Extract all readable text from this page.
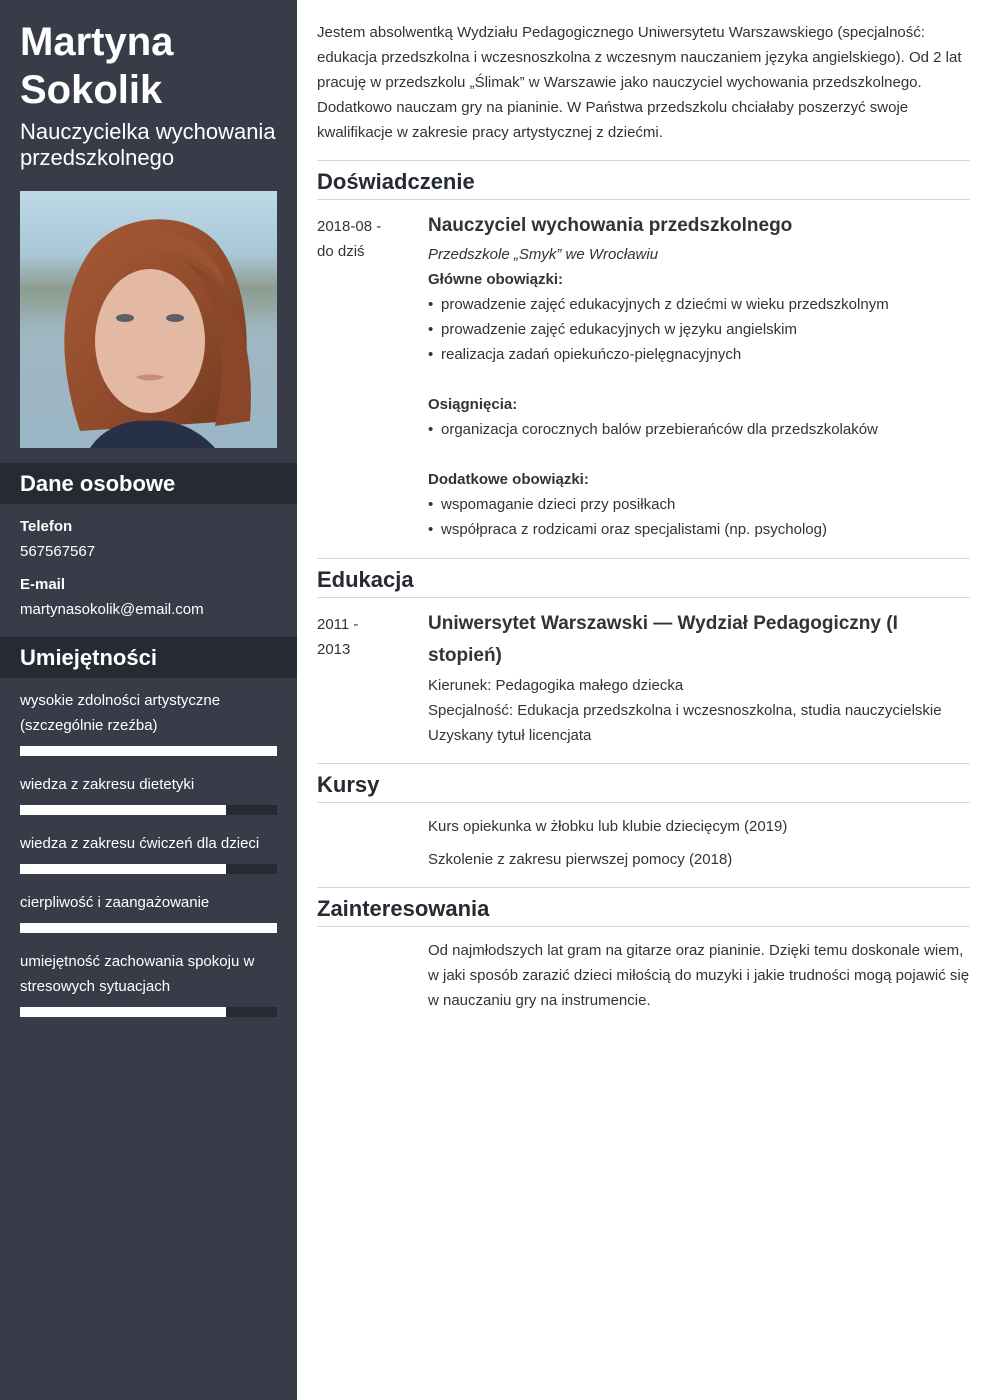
Martyna
Sokolik
Nauczycielka wychowania przedszkolnego
Dane osobowe
Telefon
567567567
E-mail
martynasokolik@email.com
Umiejętności
wysokie zdolności artystyczne (szczególnie rzeźba)
wiedza z zakresu dietetyki
wiedza z zakresu ćwiczeń dla dzieci
cierpliwość i zaangażowanie
umiejętność zachowania spokoju w stresowych sytuacjach

Jestem absolwentką Wydziału Pedagogicznego Uniwersytetu Warszawskiego (specjalność: edukacja przedszkolna i wczesnoszkolna z wczesnym nauczaniem języka angielskiego). Od 2 lat pracuję w przedszkolu „Ślimak” w Warszawie jako nauczyciel wychowania przedszkolnego. Dodatkowo nauczam gry na pianinie. W Państwa przedszkolu chciałaby poszerzyć swoje kwalifikacje w zakresie pracy artystycznej z dziećmi.

Doświadczenie
2018-08 -
do dziś
Nauczyciel wychowania przedszkolnego
Przedszkole „Smyk” we Wrocławiu
Główne obowiązki:
• prowadzenie zajęć edukacyjnych z dziećmi w wieku przedszkolnym
• prowadzenie zajęć edukacyjnych w języku angielskim
• realizacja zadań opiekuńczo-pielęgnacyjnych
Osiągnięcia:
• organizacja corocznych balów przebierańców dla przedszkolaków
Dodatkowe obowiązki:
• wspomaganie dzieci przy posiłkach
• współpraca z rodzicami oraz specjalistami (np. psycholog)
Edukacja
2011 -
2013
Uniwersytet Warszawski — Wydział Pedagogiczny (I stopień)
Kierunek: Pedagogika małego dziecka
Specjalność: Edukacja przedszkolna i wczesnoszkolna, studia nauczycielskie
Uzyskany tytuł licencjata
Kursy
Kurs opiekunka w żłobku lub klubie dziecięcym (2019)
Szkolenie z zakresu pierwszej pomocy (2018)
Zainteresowania

Od najmłodszych lat gram na gitarze oraz pianinie. Dzięki temu doskonale wiem, w jaki sposób zarazić dzieci miłością do muzyki i jakie trudności mogą pojawić się w nauczaniu gry na instrumencie.
